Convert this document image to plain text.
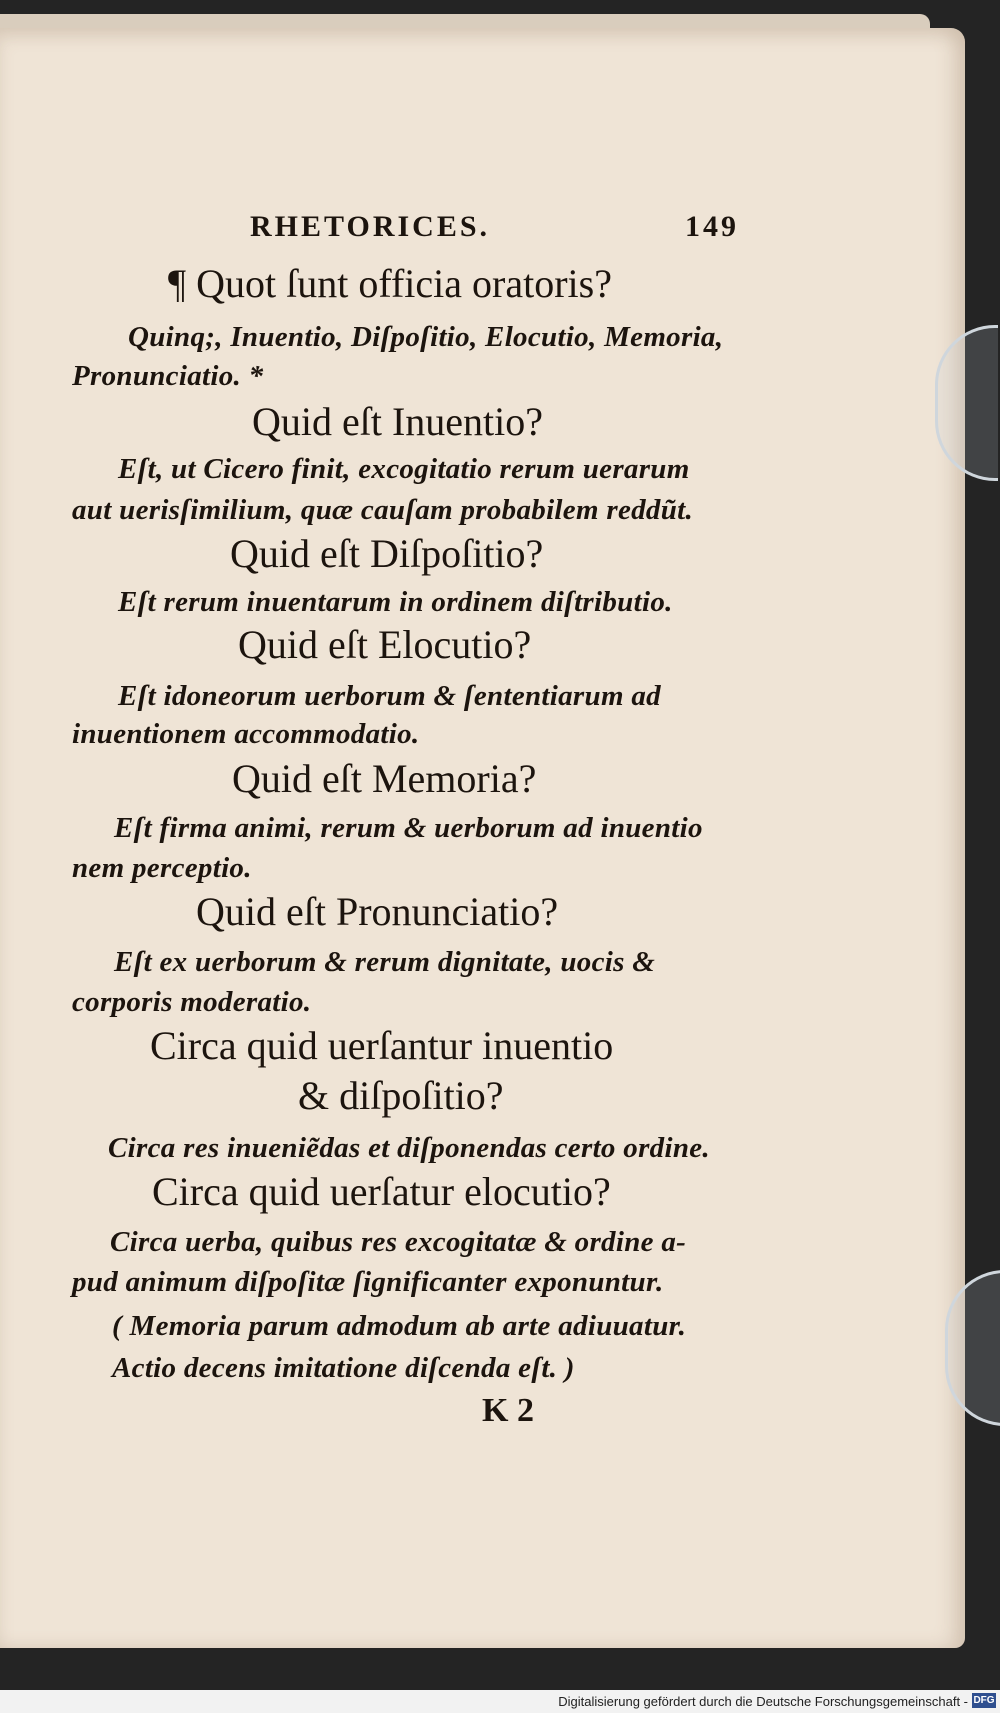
RHETORICES.	149
¶ Quot ſunt officia oratoris?
Quinq;, Inuentio, Diſpoſitio, Elocutio, Memoria,
Pronunciatio. *
Quid eſt Inuentio?
Eſt, ut Cicero finit, excogitatio rerum uerarum
aut uerisſimilium, quæ cauſam probabilem reddũt.
Quid eſt Diſpoſitio?
Eſt rerum inuentarum in ordinem diſtributio.
Quid eſt Elocutio?
Eſt idoneorum uerborum & ſententiarum ad
inuentionem accommodatio.
Quid eſt Memoria?
Eſt firma animi, rerum & uerborum ad inuentio
nem perceptio.
Quid eſt Pronunciatio?
Eſt ex uerborum & rerum dignitate, uocis &
corporis moderatio.
Circa quid uerſantur inuentio
& diſpoſitio?
Circa res inueniẽdas et diſponendas certo ordine.
Circa quid uerſatur elocutio?
Circa uerba, quibus res excogitatæ & ordine a-
pud animum diſpoſitæ ſignificanter exponuntur.
( Memoria parum admodum ab arte adiuuatur.
Actio decens imitatione diſcenda eſt. )
K 2
Digitalisierung gefördert durch die Deutsche Forschungsgemeinschaft - DFG
